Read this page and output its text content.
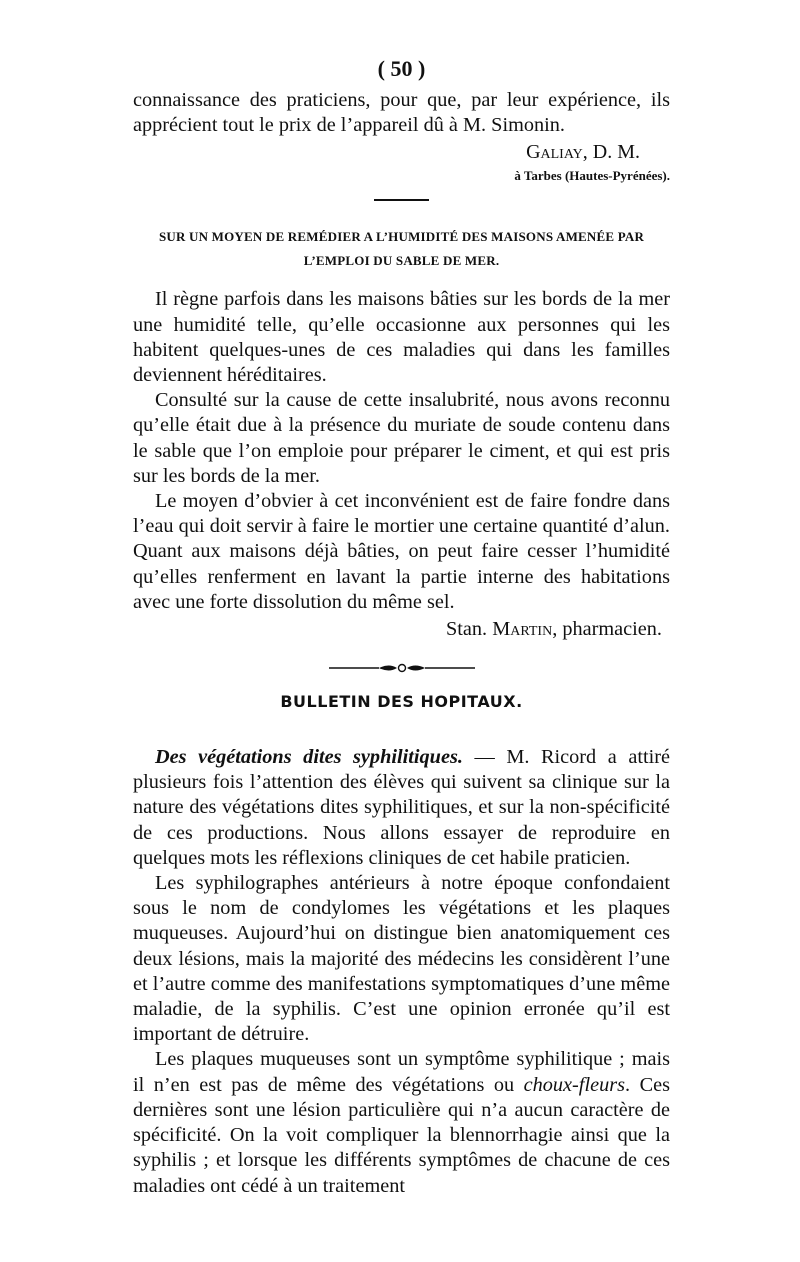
( 50 )

connaissance des praticiens, pour que, par leur expérience, ils apprécient tout le prix de l’appareil dû à M. Simonin.

Galiay, D. M.
à Tarbes (Hautes-Pyrénées).
SUR UN MOYEN DE REMÉDIER A L’HUMIDITÉ DES MAISONS AMENÉE PAR
L’EMPLOI DU SABLE DE MER.

Il règne parfois dans les maisons bâties sur les bords de la mer une humidité telle, qu’elle occasionne aux personnes qui les habitent quelques-unes de ces maladies qui dans les familles deviennent héréditaires.

Consulté sur la cause de cette insalubrité, nous avons reconnu qu’elle était due à la présence du muriate de soude contenu dans le sable que l’on emploie pour préparer le ciment, et qui est pris sur les bords de la mer.

Le moyen d’obvier à cet inconvénient est de faire fondre dans l’eau qui doit servir à faire le mortier une certaine quantité d’alun. Quant aux maisons déjà bâties, on peut faire cesser l’humidité qu’elles renferment en lavant la partie interne des habitations avec une forte dissolution du même sel.

Stan. Martin, pharmacien.
BULLETIN DES HOPITAUX.

Des végétations dites syphilitiques. — M. Ricord a attiré plusieurs fois l’attention des élèves qui suivent sa clinique sur la nature des végétations dites syphilitiques, et sur la non-spécificité de ces productions. Nous allons essayer de reproduire en quelques mots les réflexions cliniques de cet habile praticien.

Les syphilographes antérieurs à notre époque confondaient sous le nom de condylomes les végétations et les plaques muqueuses. Aujourd’hui on distingue bien anatomiquement ces deux lésions, mais la majorité des médecins les considèrent l’une et l’autre comme des manifestations symptomatiques d’une même maladie, de la syphilis. C’est une opinion erronée qu’il est important de détruire.

Les plaques muqueuses sont un symptôme syphilitique ; mais il n’en est pas de même des végétations ou choux-fleurs. Ces dernières sont une lésion particulière qui n’a aucun caractère de spécificité. On la voit compliquer la blennorrhagie ainsi que la syphilis ; et lorsque les différents symptômes de chacune de ces maladies ont cédé à un traitement
